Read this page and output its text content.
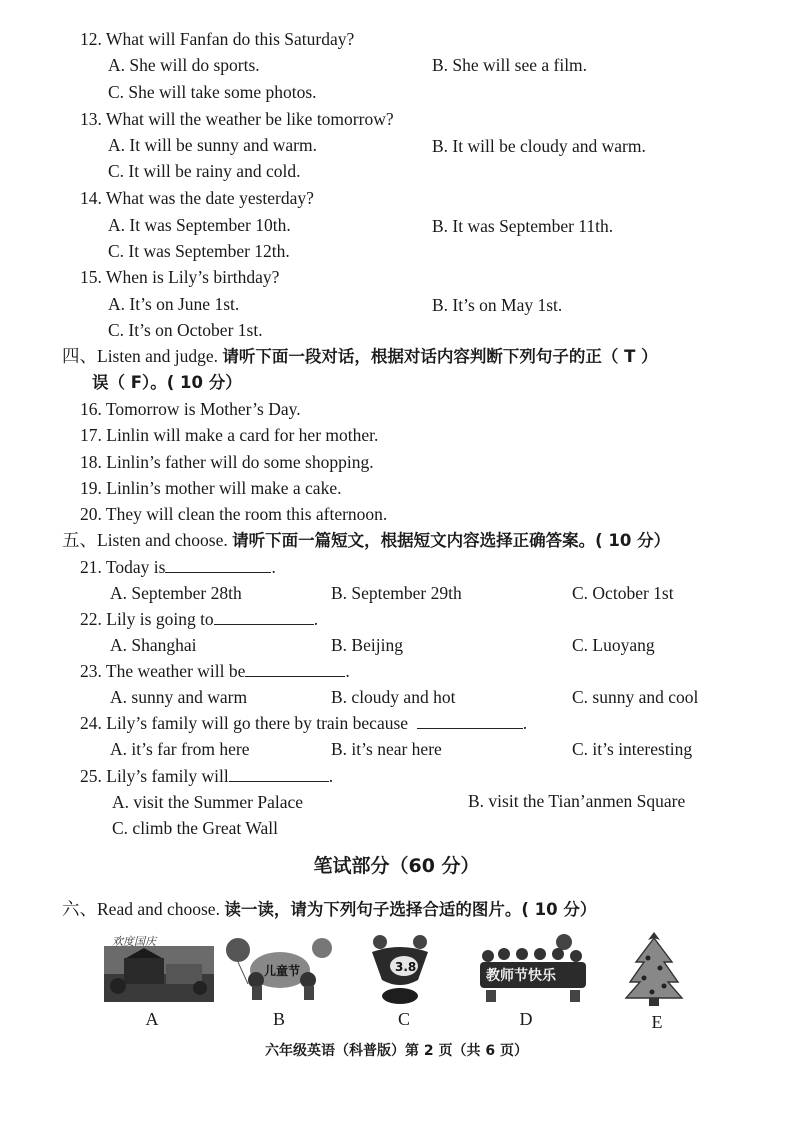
12. What will Fanfan do this Saturday?
A. She will do sports.	B. She will see a film.
C. She will take some photos.
13. What will the weather be like tomorrow?
A. It will be sunny and warm.	B. It will be cloudy and warm.
C. It will be rainy and cold.
14. What was the date yesterday?
A. It was September 10th.	B. It was September 11th.
C. It was September 12th.
15. When is Lily’s birthday?
A. It’s on June 1st.	B. It’s on May 1st.
C. It’s on October 1st.
四、Listen and judge. 请听下面一段对话，根据对话内容判断下列句子的正（ T ）
误（ F）。( 10 分）
16. Tomorrow is Mother’s Day.
17. Linlin will make a card for her mother.
18. Linlin’s father will do some shopping.
19. Linlin’s mother will make a cake.
20. They will clean the room this afternoon.
五、Listen and choose. 请听下面一篇短文，根据短文内容选择正确答案。( 10 分）
21. Today is	.
A. September 28th	B. September 29th	C. October 1st
22. Lily is going to	.
A. Shanghai	B. Beijing	C. Luoyang
23. The weather will be	.
A. sunny and warm	B. cloudy and hot	C. sunny and cool
24. Lily’s family will go there by train because	.
A. it’s far from here	B. it’s near here	C. it’s interesting
25. Lily’s family will	.
A. visit the Summer Palace	B. visit the Tian’anmen Square
C. climb the Great Wall
笔试部分（60 分）
六、Read and choose. 读一读，请为下列句子选择合适的图片。( 10 分）
欢度国庆
A
儿童节
B
3.8
C
教师节快乐
D	E
六年级英语（科普版）第 2 页（共 6 页）
